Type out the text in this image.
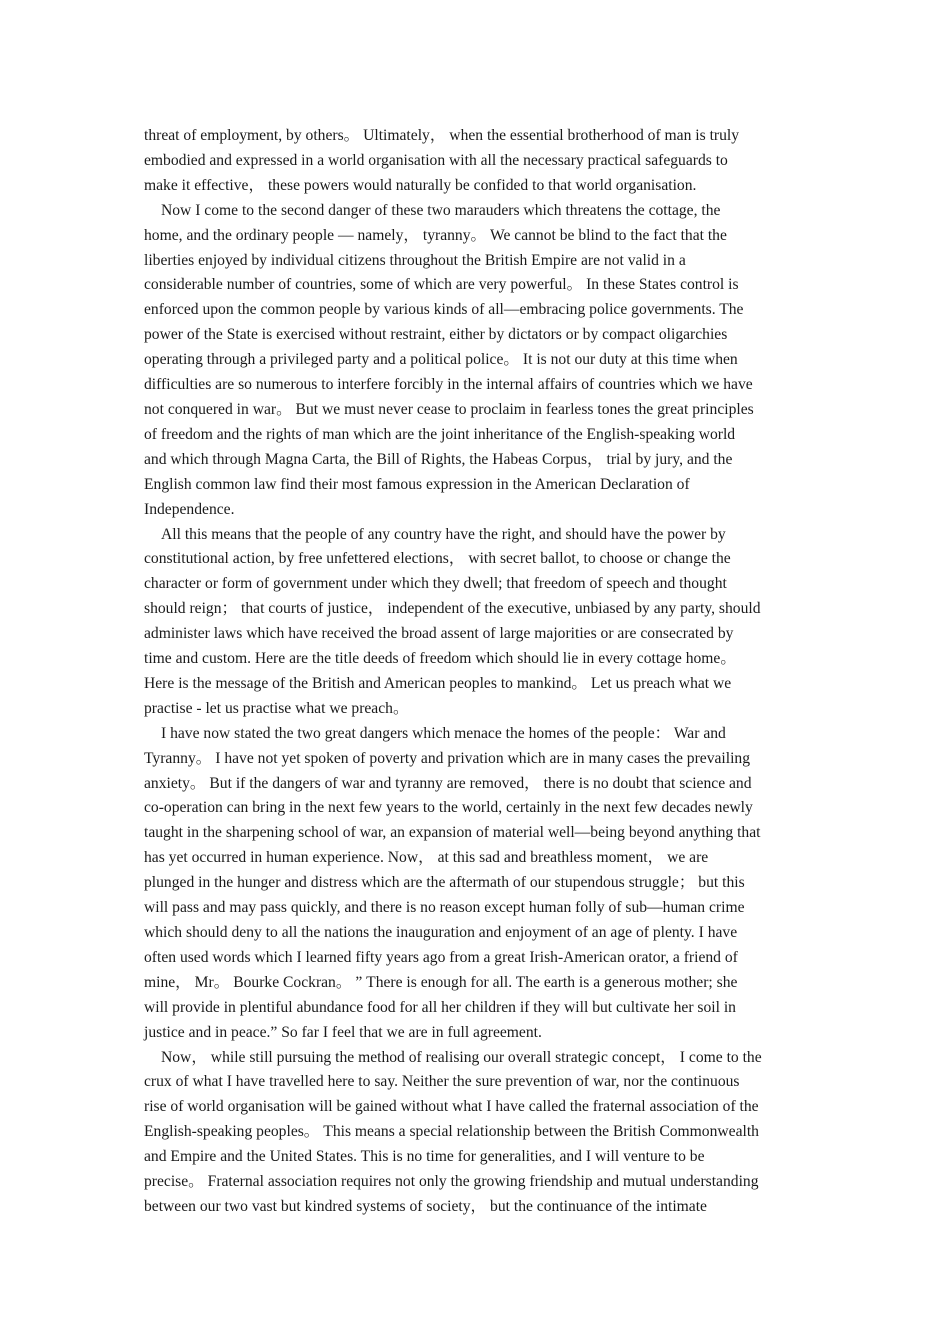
threat of employment, by others。 Ultimately， when the essential brotherhood of man is truly
embodied and expressed in a world organisation with all the necessary practical safeguards to
make it effective， these powers would naturally be confided to that world organisation.

Now I come to the second danger of these two marauders which threatens the cottage, the
home, and the ordinary people — namely， tyranny。 We cannot be blind to the fact that the
liberties enjoyed by individual citizens throughout the British Empire are not valid in a
considerable number of countries, some of which are very powerful。 In these States control is
enforced upon the common people by various kinds of all—embracing police governments. The
power of the State is exercised without restraint, either by dictators or by compact oligarchies
operating through a privileged party and a political police。 It is not our duty at this time when
difficulties are so numerous to interfere forcibly in the internal affairs of countries which we have
not conquered in war。 But we must never cease to proclaim in fearless tones the great principles
of freedom and the rights of man which are the joint inheritance of the English-speaking world
and which through Magna Carta, the Bill of Rights, the Habeas Corpus， trial by jury, and the
English common law find their most famous expression in the American Declaration of
Independence.

All this means that the people of any country have the right, and should have the power by
constitutional action, by free unfettered elections， with secret ballot, to choose or change the
character or form of government under which they dwell; that freedom of speech and thought
should reign； that courts of justice， independent of the executive, unbiased by any party, should
administer laws which have received the broad assent of large majorities or are consecrated by
time and custom. Here are the title deeds of freedom which should lie in every cottage home。
Here is the message of the British and American peoples to mankind。 Let us preach what we
practise - let us practise what we preach。

I have now stated the two great dangers which menace the homes of the people： War and
Tyranny。 I have not yet spoken of poverty and privation which are in many cases the prevailing
anxiety。 But if the dangers of war and tyranny are removed， there is no doubt that science and
co-operation can bring in the next few years to the world, certainly in the next few decades newly
taught in the sharpening school of war, an expansion of material well—being beyond anything that
has yet occurred in human experience. Now， at this sad and breathless moment， we are
plunged in the hunger and distress which are the aftermath of our stupendous struggle； but this
will pass and may pass quickly, and there is no reason except human folly of sub—human crime
which should deny to all the nations the inauguration and enjoyment of an age of plenty. I have
often used words which I learned fifty years ago from a great Irish-American orator, a friend of
mine， Mr。 Bourke Cockran。 ” There is enough for all. The earth is a generous mother; she
will provide in plentiful abundance food for all her children if they will but cultivate her soil in
justice and in peace.” So far I feel that we are in full agreement.

Now， while still pursuing the method of realising our overall strategic concept， I come to the
crux of what I have travelled here to say. Neither the sure prevention of war, nor the continuous
rise of world organisation will be gained without what I have called the fraternal association of the
English-speaking peoples。 This means a special relationship between the British Commonwealth
and Empire and the United States. This is no time for generalities, and I will venture to be
precise。 Fraternal association requires not only the growing friendship and mutual understanding
between our two vast but kindred systems of society， but the continuance of the intimate
